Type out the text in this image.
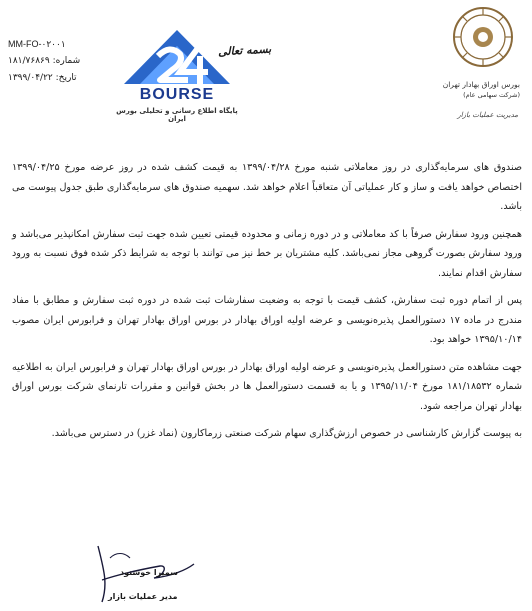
MM-FO-۰۲۰۰۱
شماره: ۱۸۱/۷۶۸۶۹
تاریخ: ۱۳۹۹/۰۴/۲۲
بسمه تعالی
BOURSE
پایگاه اطلاع رسانی و تحلیلی بورس ایران
بورس اوراق بهادار تهران
(شرکت سهامی عام)
مدیریت عملیات بازار

صندوق های سرمایه‌گذاری در روز معاملاتی شنبه مورخ ۱۳۹۹/۰۴/۲۸ به قیمت کشف شده در روز عرضه مورخ ۱۳۹۹/۰۴/۲۵ اختصاص خواهد یافت و ساز و کار عملیاتی آن متعاقباً اعلام خواهد شد. سهمیه صندوق های سرمایه‌گذاری طبق جدول پیوست می باشد.

همچنین ورود سفارش صرفاً با کد معاملاتی و در دوره زمانی و محدوده قیمتی تعیین شده جهت ثبت سفارش امکانپذیر می‌باشد و ورود سفارش بصورت گروهی مجاز نمی‌باشد. کلیه مشتریان بر خط نیز می توانند با توجه به شرایط ذکر شده فوق نسبت به ورود سفارش اقدام نمایند.

پس از اتمام دوره ثبت سفارش، کشف قیمت با توجه به وضعیت سفارشات ثبت شده در دوره ثبت سفارش و مطابق با مفاد مندرج در ماده ۱۷ دستورالعمل پذیره‌نویسی و عرضه اولیه اوراق بهادار در بورس اوراق بهادار تهران و فرابورس ایران مصوب ۱۳۹۵/۱۰/۱۴ خواهد بود.

جهت مشاهده متن دستورالعمل پذیره‌نویسی و عرضه اولیه اوراق بهادار در بورس اوراق بهادار تهران و فرابورس ایران به اطلاعیه شماره ۱۸۱/۱۸۵۳۲ مورخ ۱۳۹۵/۱۱/۰۴ و یا به قسمت دستورالعمل ها در بخش قوانین و مقررات تارنمای شرکت بورس اوراق بهادار تهران مراجعه شود.

به پیوست گزارش کارشناسی در خصوص ارزش‌گذاری سهام شرکت صنعتی زرماکارون (نماد غزر) در دسترس می‌باشد.

سمیرا خوشنود
مدیر عملیات بازار
